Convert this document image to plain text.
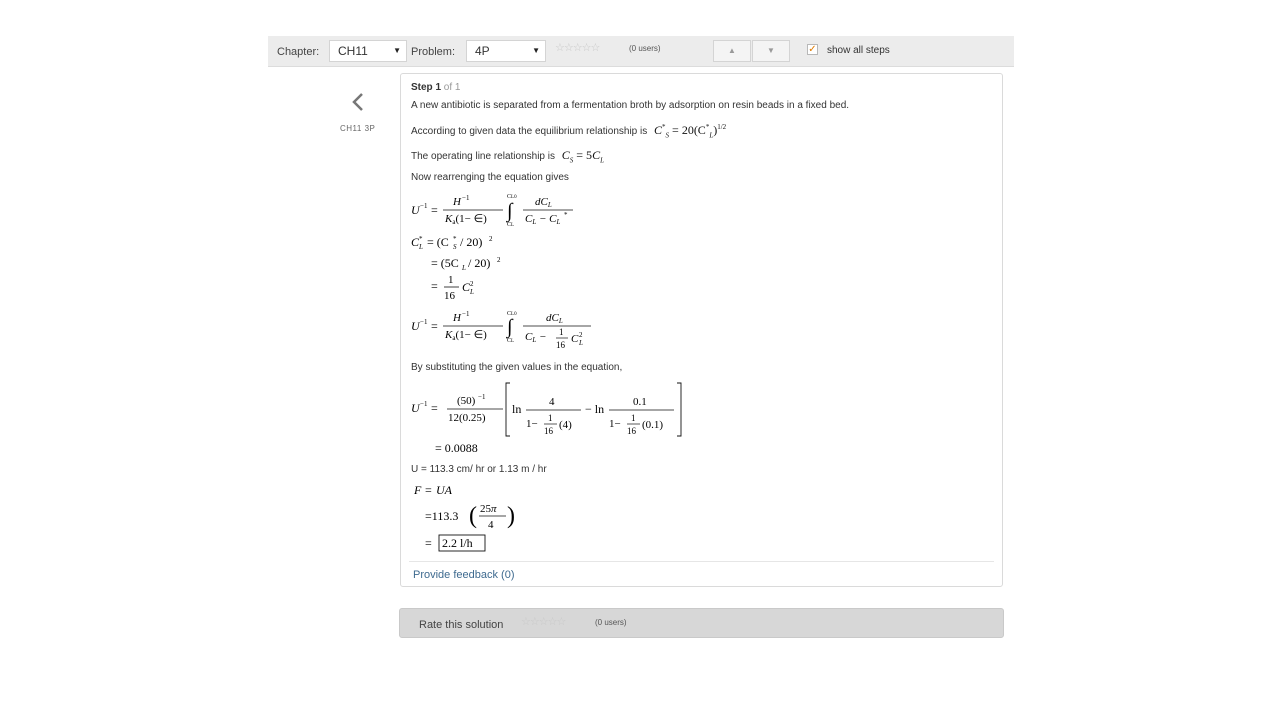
Chapter:	CH11	▼ Problem:	4P	▼ ☆☆☆☆☆	(0 users)	▲	▼	✓ show all steps
CH11 3P
Step 1 of 1
A new antibiotic is separated from a fermentation broth by adsorption on resin beads in a fixed bed.
According to given data the equilibrium relationship is $C^*_S = 20(C^*_L)^{1/2}$
The operating line relationship is $C_S = 5C_L$
Now rearrenging the equation gives
U −1 =
H −1
Ka(1− ∈) ∫
CL0
CL
dCL
CL − CL
*
C *
L = (C *
S / 20) 2
= (5C L / 20) 2
= 1
16
C 2
L
U −1 =
H −1
Ka(1− ∈) ∫
CL0
CL
dCL
CL − 1
16 C 2
L
By substituting the given values in the equation,
U −1 = (50) −1
12(0.25)
ln	4
1− 1
16 (4)
− ln	0.1
1− 1
16 (0.1)
= 0.0088
U = 113.3 cm/ hr or 1.13 m / hr
F = UA
=113.3 ( 25π
4 )
= 2.2 l/h
Provide feedback (0)
Rate this solution ☆☆☆☆☆	(0 users)
